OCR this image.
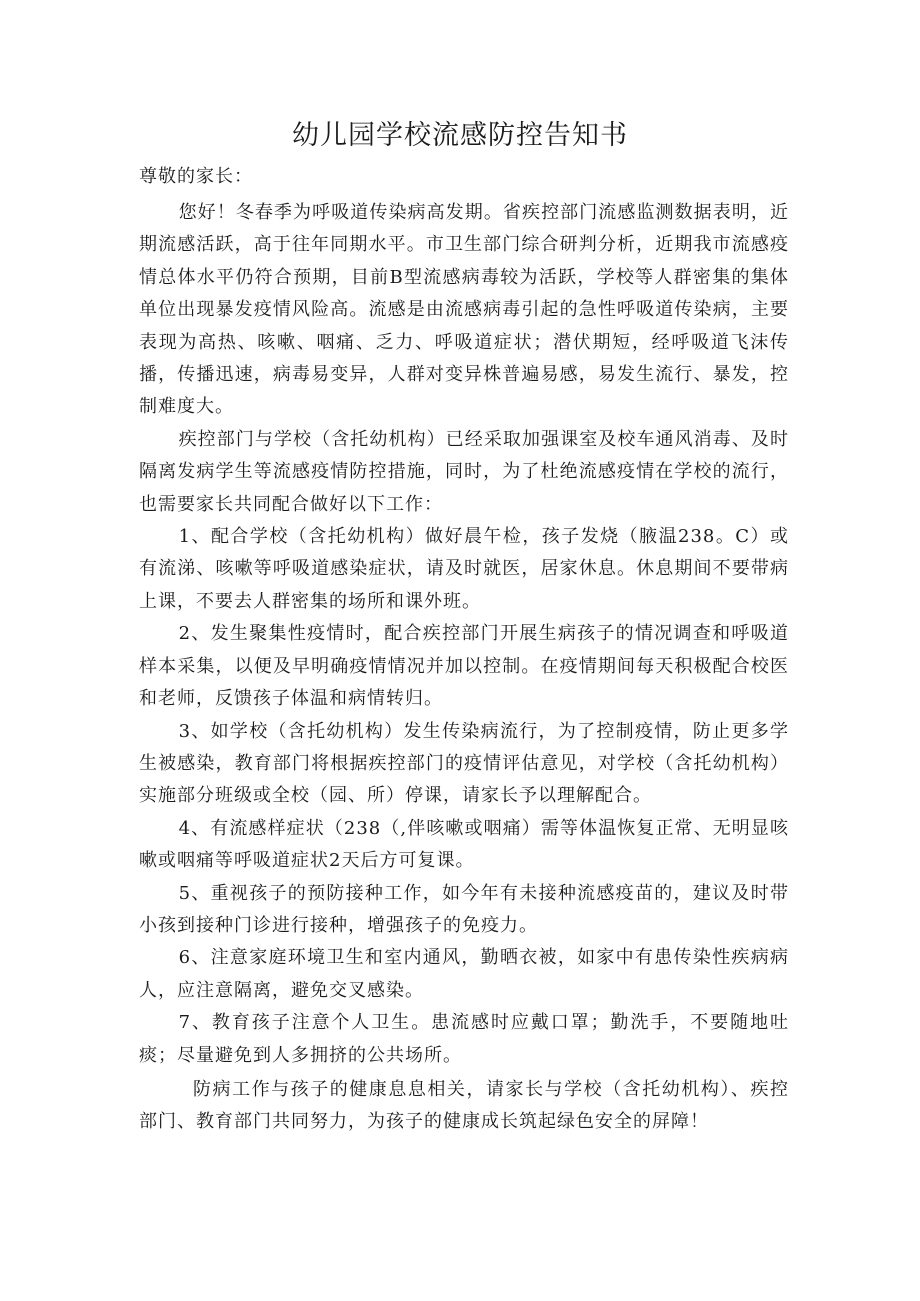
幼儿园学校流感防控告知书
尊敬的家长：

您好！冬春季为呼吸道传染病高发期。省疾控部门流感监测数据表明，近期流感活跃，高于往年同期水平。市卫生部门综合研判分析，近期我市流感疫情总体水平仍符合预期，目前B型流感病毒较为活跃，学校等人群密集的集体单位出现暴发疫情风险高。流感是由流感病毒引起的急性呼吸道传染病，主要表现为高热、咳嗽、咽痛、乏力、呼吸道症状；潜伏期短，经呼吸道飞沫传播，传播迅速，病毒易变异，人群对变异株普遍易感，易发生流行、暴发，控制难度大。

疾控部门与学校（含托幼机构）已经采取加强课室及校车通风消毒、及时隔离发病学生等流感疫情防控措施，同时，为了杜绝流感疫情在学校的流行，也需要家长共同配合做好以下工作：

1、配合学校（含托幼机构）做好晨午检，孩子发烧（腋温238。C）或有流涕、咳嗽等呼吸道感染症状，请及时就医，居家休息。休息期间不要带病上课，不要去人群密集的场所和课外班。

2、发生聚集性疫情时，配合疾控部门开展生病孩子的情况调查和呼吸道样本采集，以便及早明确疫情情况并加以控制。在疫情期间每天积极配合校医和老师，反馈孩子体温和病情转归。

3、如学校（含托幼机构）发生传染病流行，为了控制疫情，防止更多学生被感染，教育部门将根据疾控部门的疫情评估意见，对学校（含托幼机构）实施部分班级或全校（园、所）停课，请家长予以理解配合。

4、有流感样症状（238（,伴咳嗽或咽痛）需等体温恢复正常、无明显咳嗽或咽痛等呼吸道症状2天后方可复课。

5、重视孩子的预防接种工作，如今年有未接种流感疫苗的，建议及时带小孩到接种门诊进行接种，增强孩子的免疫力。

6、注意家庭环境卫生和室内通风，勤晒衣被，如家中有患传染性疾病病人，应注意隔离，避免交叉感染。

7、教育孩子注意个人卫生。患流感时应戴口罩；勤洗手，不要随地吐痰；尽量避免到人多拥挤的公共场所。

防病工作与孩子的健康息息相关，请家长与学校（含托幼机构）、疾控部门、教育部门共同努力，为孩子的健康成长筑起绿色安全的屏障！
